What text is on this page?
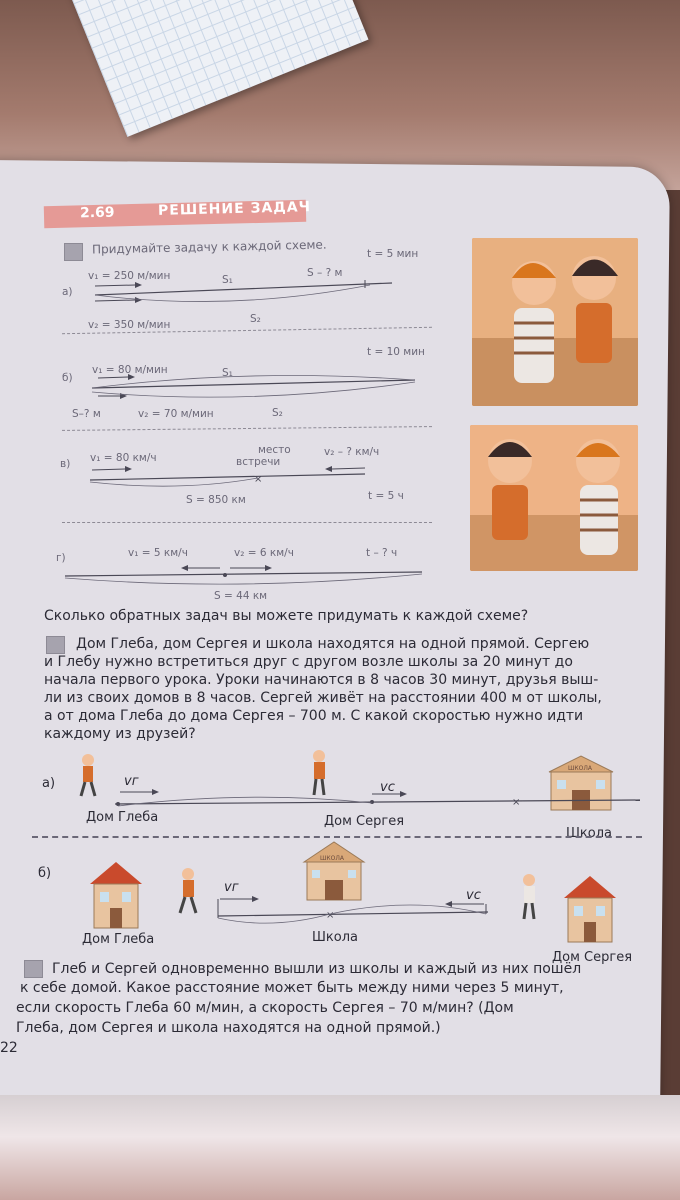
2.69	РЕШЕНИЕ ЗАДАЧ
Придумайте задачу к каждой схеме.
а)
v₁ = 250 м/мин	S₁
S – ? м
t = 5 мин
v₂ = 350 м/мин	S₂
б)
t = 10 мин
v₁ = 80 м/мин	S₁
S–? м	v₂ = 70 м/мин	S₂
в) v₁ = 80 км/ч
место
встречи
v₂ – ? км/ч
S = 850 км	t = 5 ч
×
г)	v₁ = 5 км/ч	v₂ = 6 км/ч	t – ? ч
S = 44 км
Сколько обратных задач вы можете придумать к каждой схеме?
Дом Глеба, дом Сергея и школа находятся на одной прямой. Сергею
и Глебу нужно встретиться друг с другом возле школы за 20 минут до
начала первого урока. Уроки начинаются в 8 часов 30 минут, друзья выш-
ли из своих домов в 8 часов. Сергей живёт на расстоянии 400 м от школы,
а от дома Глеба до дома Сергея – 700 м. С какой скоростью нужно идти
каждому из друзей?
а)
ШКОЛА
vг	vс
×
Дом Глеба	Дом Сергея
Школа
б)
ШКОЛА
vг
vс
×
Дом Глеба	Школа
Дом Сергея
Глеб и Сергей одновременно вышли из школы и каждый из них пошёл
к себе домой. Какое расстояние может быть между ними через 5 минут,
если скорость Глеба 60 м/мин, а скорость Сергея – 70 м/мин? (Дом
Глеба, дом Сергея и школа находятся на одной прямой.)
22
